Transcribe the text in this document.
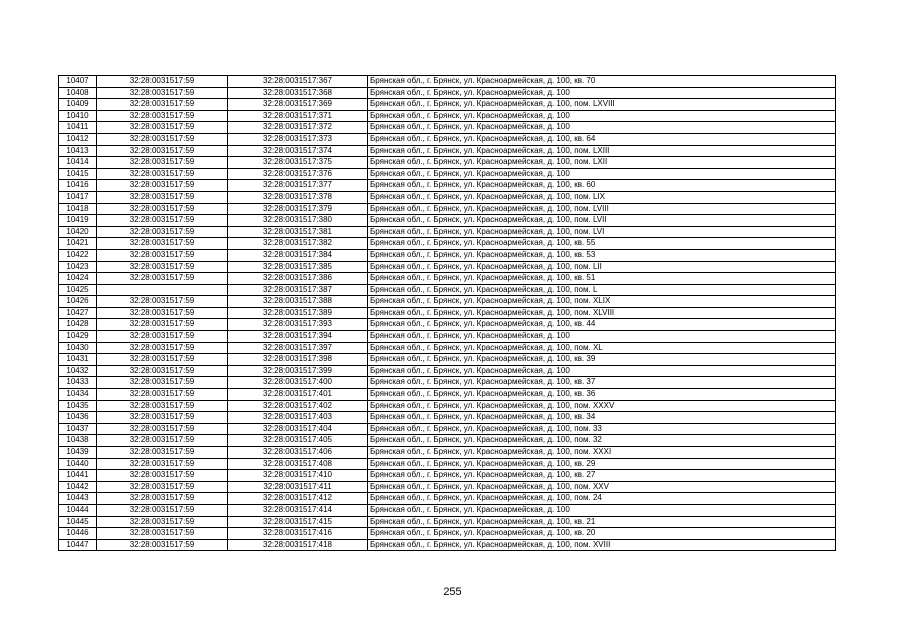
10407	32:28:0031517:59	32:28:0031517:367	Брянская обл., г. Брянск, ул. Красноармейская, д. 100, кв. 70
10408	32:28:0031517:59	32:28:0031517:368	Брянская обл., г. Брянск, ул. Красноармейская, д. 100
10409	32:28:0031517:59	32:28:0031517:369	Брянская обл., г. Брянск, ул. Красноармейская, д. 100, пом. LXVIII
10410	32:28:0031517:59	32:28:0031517:371	Брянская обл., г. Брянск, ул. Красноармейская, д. 100
10411	32:28:0031517:59	32:28:0031517:372	Брянская обл., г. Брянск, ул. Красноармейская, д. 100
10412	32:28:0031517:59	32:28:0031517:373	Брянская обл., г. Брянск, ул. Красноармейская, д. 100, кв. 64
10413	32:28:0031517:59	32:28:0031517:374	Брянская обл., г. Брянск, ул. Красноармейская, д. 100, пом. LXIII
10414	32:28:0031517:59	32:28:0031517:375	Брянская обл., г. Брянск, ул. Красноармейская, д. 100, пом. LXII
10415	32:28:0031517:59	32:28:0031517:376	Брянская обл., г. Брянск, ул. Красноармейская, д. 100
10416	32:28:0031517:59	32:28:0031517:377	Брянская обл., г. Брянск, ул. Красноармейская, д. 100, кв. 60
10417	32:28:0031517:59	32:28:0031517:378	Брянская обл., г. Брянск, ул. Красноармейская, д. 100, пом. LIX
10418	32:28:0031517:59	32:28:0031517:379	Брянская обл., г. Брянск, ул. Красноармейская, д. 100, пом. LVIII
10419	32:28:0031517:59	32:28:0031517:380	Брянская обл., г. Брянск, ул. Красноармейская, д. 100, пом. LVII
10420	32:28:0031517:59	32:28:0031517:381	Брянская обл., г. Брянск, ул. Красноармейская, д. 100, пом. LVI
10421	32:28:0031517:59	32:28:0031517:382	Брянская обл., г. Брянск, ул. Красноармейская, д. 100, кв. 55
10422	32:28:0031517:59	32:28:0031517:384	Брянская обл., г. Брянск, ул. Красноармейская, д. 100, кв. 53
10423	32:28:0031517:59	32:28:0031517:385	Брянская обл., г. Брянск, ул. Красноармейская, д. 100, пом. LII
10424	32:28:0031517:59	32:28:0031517:386	Брянская обл., г. Брянск, ул. Красноармейская, д. 100, кв. 51
10425		32:28:0031517:387	Брянская обл., г. Брянск, ул. Красноармейская, д. 100, пом. L
10426	32:28:0031517:59	32:28:0031517:388	Брянская обл., г. Брянск, ул. Красноармейская, д. 100, пом. XLIX
10427	32:28:0031517:59	32:28:0031517:389	Брянская обл., г. Брянск, ул. Красноармейская, д. 100, пом. XLVIII
10428	32:28:0031517:59	32:28:0031517:393	Брянская обл., г. Брянск, ул. Красноармейская, д. 100, кв. 44
10429	32:28:0031517:59	32:28:0031517:394	Брянская обл., г. Брянск, ул. Красноармейская, д. 100
10430	32:28:0031517:59	32:28:0031517:397	Брянская обл., г. Брянск, ул. Красноармейская, д. 100, пом. XL
10431	32:28:0031517:59	32:28:0031517:398	Брянская обл., г. Брянск, ул. Красноармейская, д. 100, кв. 39
10432	32:28:0031517:59	32:28:0031517:399	Брянская обл., г. Брянск, ул. Красноармейская, д. 100
10433	32:28:0031517:59	32:28:0031517:400	Брянская обл., г. Брянск, ул. Красноармейская, д. 100, кв. 37
10434	32:28:0031517:59	32:28:0031517:401	Брянская обл., г. Брянск, ул. Красноармейская, д. 100, кв. 36
10435	32:28:0031517:59	32:28:0031517:402	Брянская обл., г. Брянск, ул. Красноармейская, д. 100, пом. XXXV
10436	32:28:0031517:59	32:28:0031517:403	Брянская обл., г. Брянск, ул. Красноармейская, д. 100, кв. 34
10437	32:28:0031517:59	32:28:0031517:404	Брянская обл., г. Брянск, ул. Красноармейская, д. 100, пом. 33
10438	32:28:0031517:59	32:28:0031517:405	Брянская обл., г. Брянск, ул. Красноармейская, д. 100, пом. 32
10439	32:28:0031517:59	32:28:0031517:406	Брянская обл., г. Брянск, ул. Красноармейская, д. 100, пом. XXXI
10440	32:28:0031517:59	32:28:0031517:408	Брянская обл., г. Брянск, ул. Красноармейская, д. 100, кв. 29
10441	32:28:0031517:59	32:28:0031517:410	Брянская обл., г. Брянск, ул. Красноармейская, д. 100, кв. 27
10442	32:28:0031517:59	32:28:0031517:411	Брянская обл., г. Брянск, ул. Красноармейская, д. 100, пом. XXV
10443	32:28:0031517:59	32:28:0031517:412	Брянская обл., г. Брянск, ул. Красноармейская, д. 100, пом. 24
10444	32:28:0031517:59	32:28:0031517:414	Брянская обл., г. Брянск, ул. Красноармейская, д. 100
10445	32:28:0031517:59	32:28:0031517:415	Брянская обл., г. Брянск, ул. Красноармейская, д. 100, кв. 21
10446	32:28:0031517:59	32:28:0031517:416	Брянская обл., г. Брянск, ул. Красноармейская, д. 100, кв. 20
10447	32:28:0031517:59	32:28:0031517:418	Брянская обл., г. Брянск, ул. Красноармейская, д. 100, пом. XVIII
255
